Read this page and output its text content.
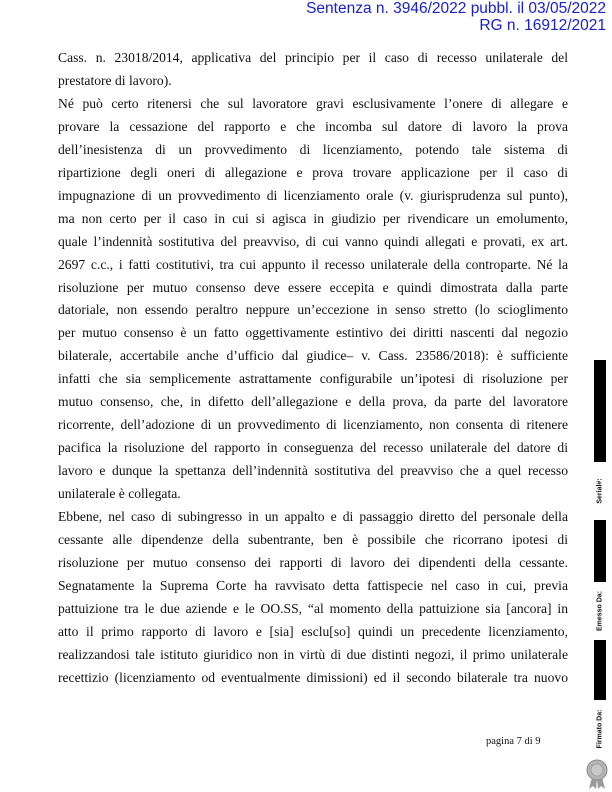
Sentenza n. 3946/2022 pubbl. il 03/05/2022
RG n. 16912/2021
Cass. n. 23018/2014, applicativa del principio per il caso di recesso unilaterale del
prestatore di lavoro).
Né può certo ritenersi che sul lavoratore gravi esclusivamente l’onere di allegare e
provare la cessazione del rapporto e che incomba sul datore di lavoro la prova
dell’inesistenza di un provvedimento di licenziamento, potendo tale sistema di
ripartizione degli oneri di allegazione e prova trovare applicazione per il caso di
impugnazione di un provvedimento di licenziamento orale (v. giurisprudenza sul punto),
ma non certo per il caso in cui si agisca in giudizio per rivendicare un emolumento,
quale l’indennità sostitutiva del preavviso, di cui vanno quindi allegati e provati, ex art.
2697 c.c., i fatti costitutivi, tra cui appunto il recesso unilaterale della controparte. Né la
risoluzione per mutuo consenso deve essere eccepita e quindi dimostrata dalla parte
datoriale, non essendo peraltro neppure un’eccezione in senso stretto (lo scioglimento
per mutuo consenso è un fatto oggettivamente estintivo dei diritti nascenti dal negozio
bilaterale, accertabile anche d’ufficio dal giudice– v. Cass. 23586/2018): è sufficiente
infatti che sia semplicemente astrattamente configurabile un’ipotesi di risoluzione per
mutuo consenso, che, in difetto dell’allegazione e della prova, da parte del lavoratore
ricorrente, dell’adozione di un provvedimento di licenziamento, non consenta di ritenere
pacifica la risoluzione del rapporto in conseguenza del recesso unilaterale del datore di
lavoro e dunque la spettanza dell’indennità sostitutiva del preavviso che a quel recesso
unilaterale è collegata.
Ebbene, nel caso di subingresso in un appalto e di passaggio diretto del personale della
cessante alle dipendenze della subentrante, ben è possibile che ricorrano ipotesi di
risoluzione per mutuo consenso dei rapporti di lavoro dei dipendenti della cessante.
Segnatamente la Suprema Corte ha ravvisato detta fattispecie nel caso in cui, previa
pattuizione tra le due aziende e le OO.SS, “al momento della pattuizione sia [ancora] in
atto il primo rapporto di lavoro e [sia] esclu[so] quindi un precedente licenziamento,
realizzandosi tale istituto giuridico non in virtù di due distinti negozi, il primo unilaterale
recettizio (licenziamento od eventualmente dimissioni) ed il secondo bilaterale tra nuovo
pagina 7 di 9
Serial#:
Emesso Da:
Firmato Da:
